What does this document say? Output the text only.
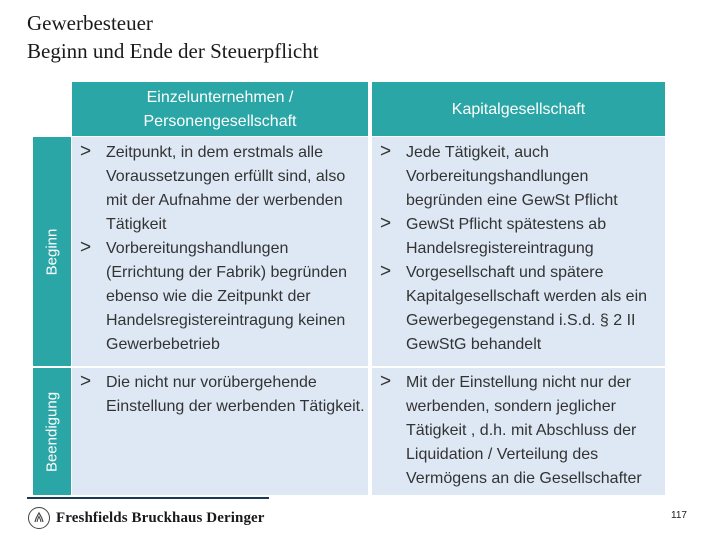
Gewerbesteuer
Beginn und Ende der Steuerpflicht
Einzelunternehmen /
Personengesellschaft
Kapitalgesellschaft
Beginn
Beendigung
> Zeitpunkt, in dem erstmals alle Voraussetzungen erfüllt sind, also mit der Aufnahme der werbenden Tätigkeit
> Vorbereitungshandlungen (Errichtung der Fabrik) begründen ebenso wie die Zeitpunkt der Handelsregistereintragung keinen Gewerbebetrieb
> Jede Tätigkeit, auch Vorbereitungshandlungen begründen eine GewSt Pflicht
> GewSt Pflicht spätestens ab Handelsregistereintragung
> Vorgesellschaft und spätere Kapitalgesellschaft werden als ein Gewerbegegenstand i.S.d. § 2 II GewStG behandelt
> Die nicht nur vorübergehende Einstellung der werbenden Tätigkeit.
> Mit der Einstellung nicht nur der werbenden, sondern jeglicher Tätigkeit , d.h. mit Abschluss der Liquidation / Verteilung des Vermögens an die Gesellschafter
Freshfields Bruckhaus Deringer	117
